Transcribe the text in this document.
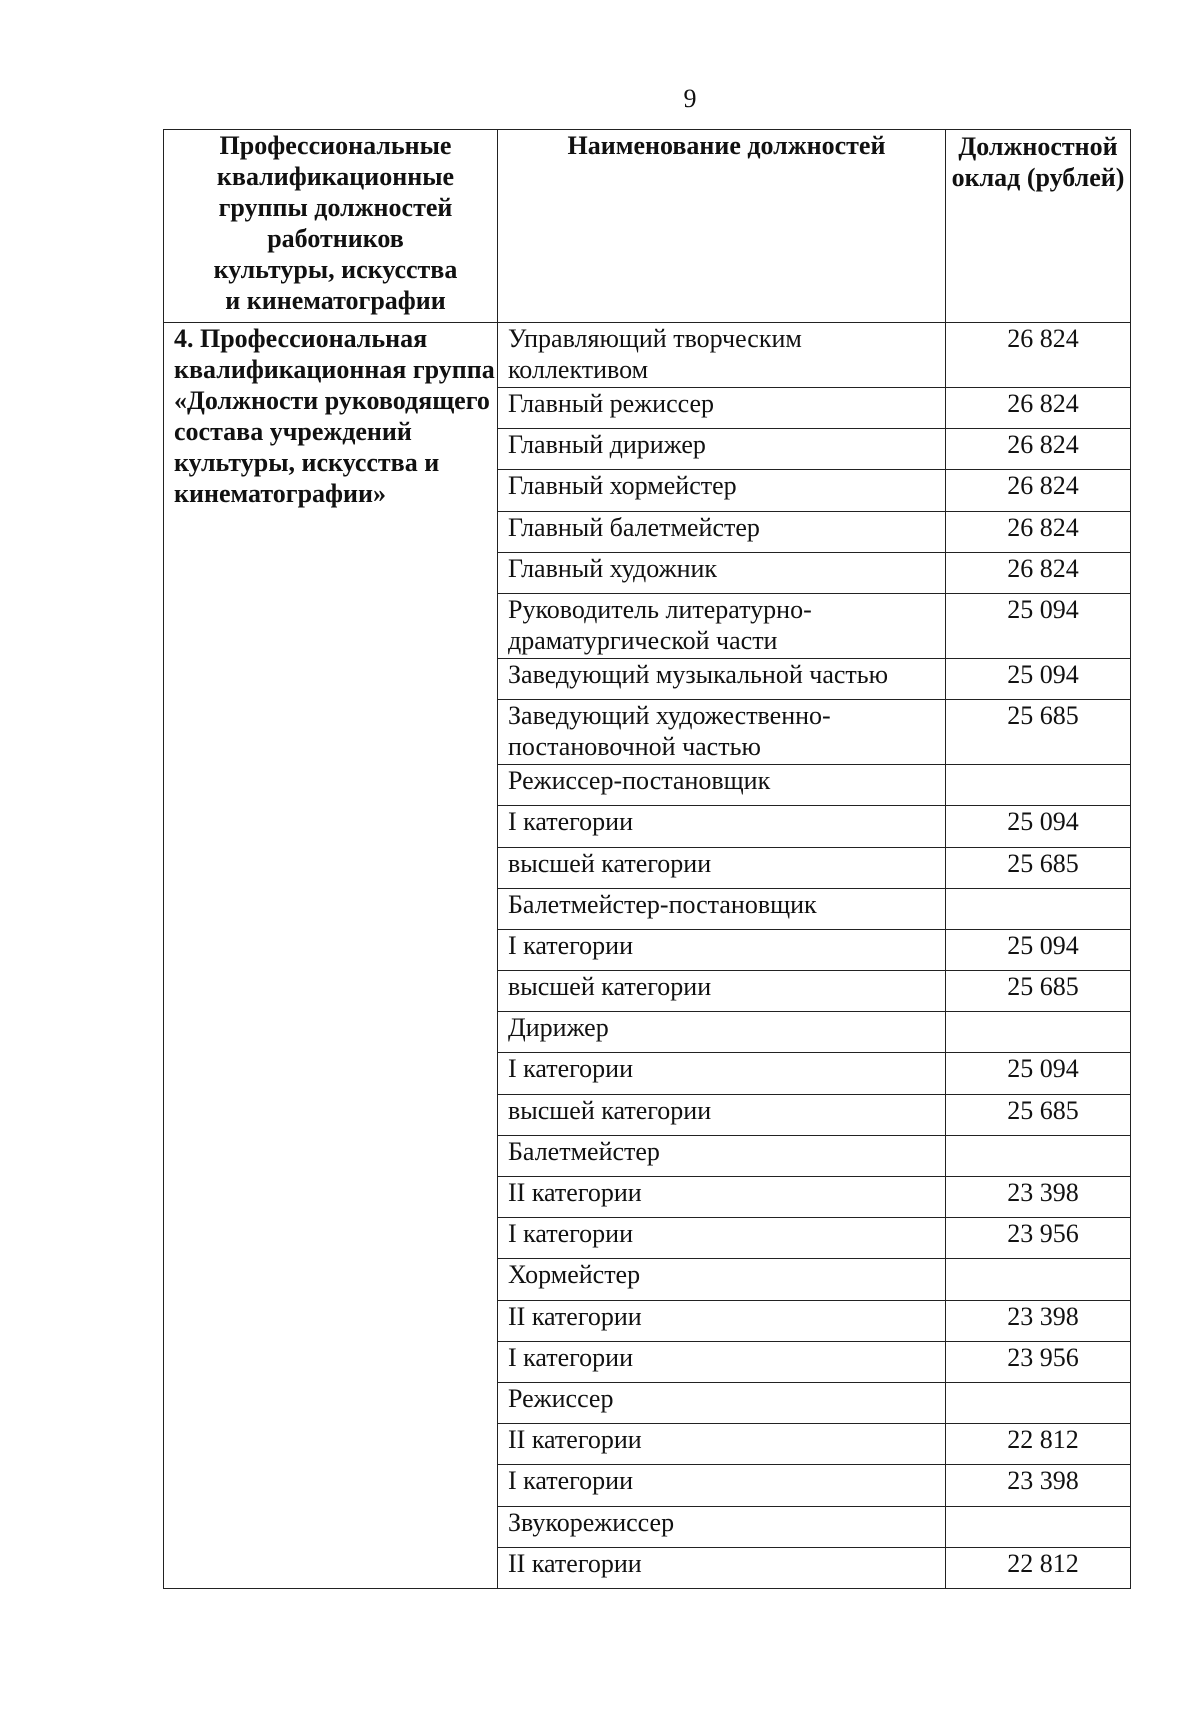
9
Профессиональные квалификационные группы должностей работников культуры, искусства и кинематографии	Наименование должностей	Должностной оклад (рублей)
4. Профессиональная квалификационная группа «Должности руководящего состава учреждений культуры, искусства и кинематографии»	Управляющий творческим коллективом	26 824
	Главный режиссер	26 824
	Главный дирижер	26 824
	Главный хормейстер	26 824
	Главный балетмейстер	26 824
	Главный художник	26 824
	Руководитель литературно-драматургической части	25 094
	Заведующий музыкальной частью	25 094
	Заведующий художественно-постановочной частью	25 685
	Режиссер-постановщик	
	I категории	25 094
	высшей категории	25 685
	Балетмейстер-постановщик	
	I категории	25 094
	высшей категории	25 685
	Дирижер	
	I категории	25 094
	высшей категории	25 685
	Балетмейстер	
	II категории	23 398
	I категории	23 956
	Хормейстер	
	II категории	23 398
	I категории	23 956
	Режиссер	
	II категории	22 812
	I категории	23 398
	Звукорежиссер	
	II категории	22 812
